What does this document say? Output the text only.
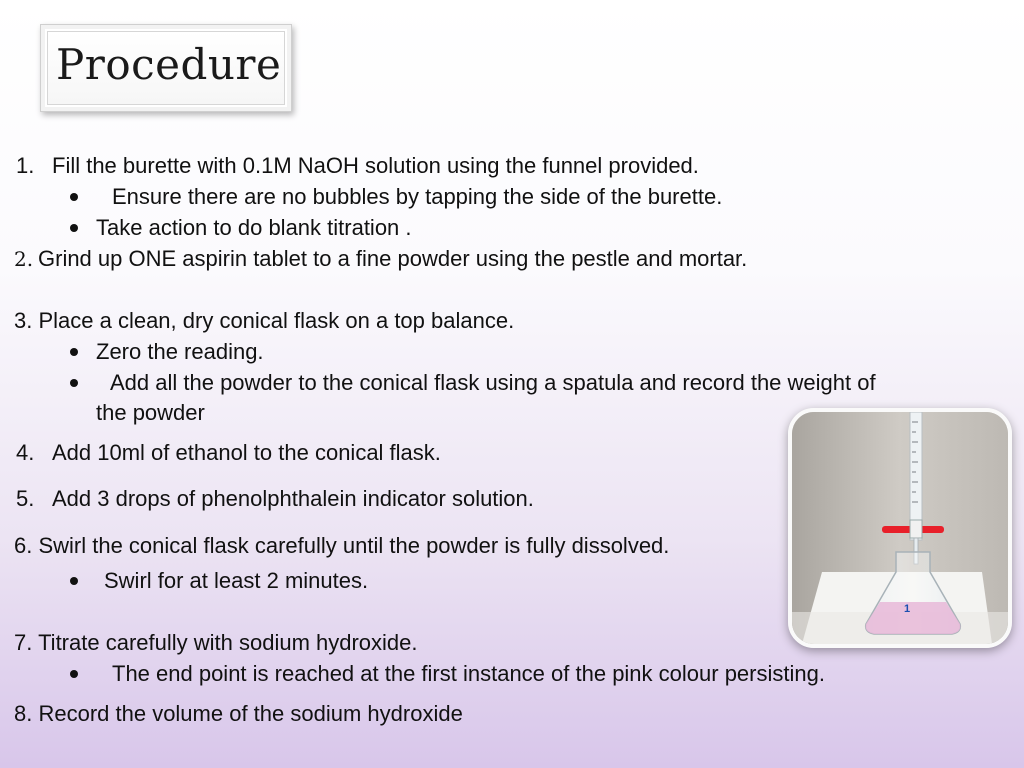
Procedure
1. Fill the burette with 0.1M NaOH solution using the funnel provided.
Ensure there are no bubbles by tapping the side of the burette.
Take action to do blank titration .
2. Grind up ONE aspirin tablet to a fine powder using the pestle and mortar.
3. Place a clean, dry conical flask on a top balance.
Zero the reading.
Add all the powder to the conical flask using a spatula and record the weight of
the powder
4. Add 10ml of ethanol to the conical flask.
5. Add 3 drops of phenolphthalein indicator solution.
6. Swirl the conical flask carefully until the powder is fully dissolved.
Swirl for at least 2 minutes.
7. Titrate carefully with sodium hydroxide.
The end point is reached at the first instance of the pink colour persisting.
8. Record the volume of the sodium hydroxide
1
